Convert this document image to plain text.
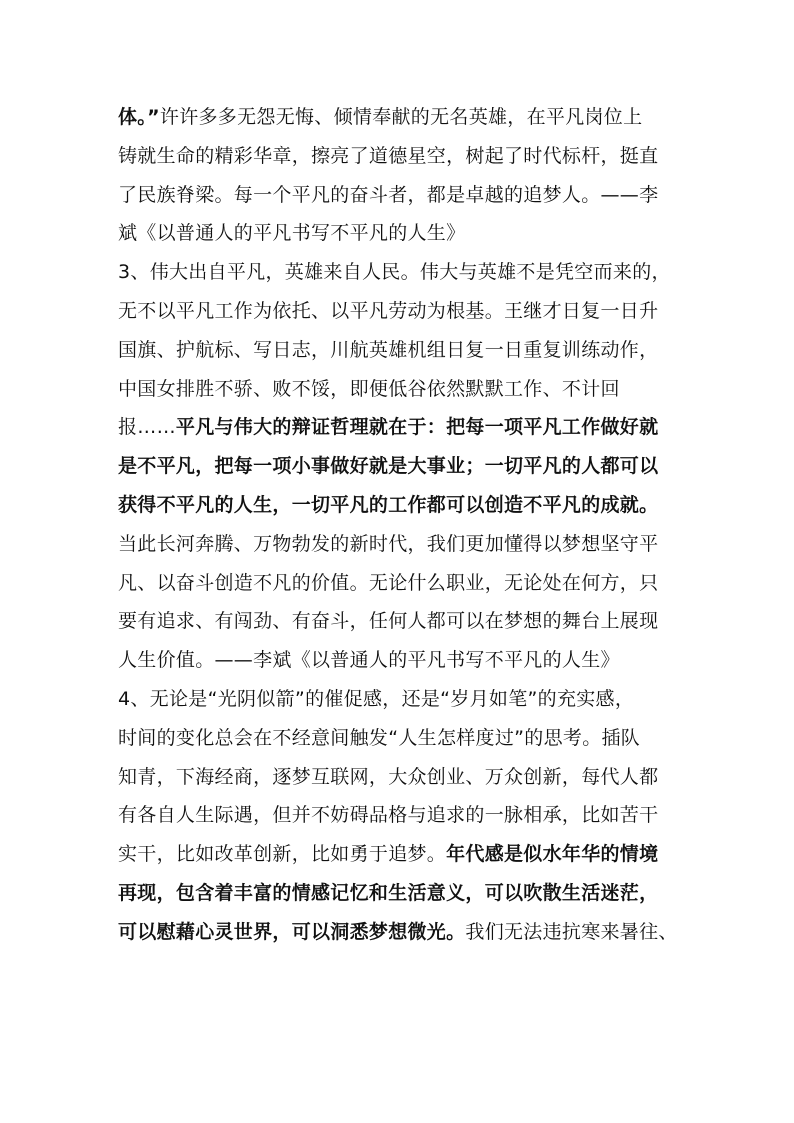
体。”许许多多无怨无悔、倾情奉献的无名英雄，在平凡岗位上
铸就生命的精彩华章，擦亮了道德星空，树起了时代标杆，挺直
了民族脊梁。每一个平凡的奋斗者，都是卓越的追梦人。——李
斌《以普通人的平凡书写不平凡的人生》
3、伟大出自平凡，英雄来自人民。伟大与英雄不是凭空而来的，
无不以平凡工作为依托、以平凡劳动为根基。王继才日复一日升
国旗、护航标、写日志，川航英雄机组日复一日重复训练动作，
中国女排胜不骄、败不馁，即便低谷依然默默工作、不计回
报……平凡与伟大的辩证哲理就在于：把每一项平凡工作做好就
是不平凡，把每一项小事做好就是大事业；一切平凡的人都可以
获得不平凡的人生，一切平凡的工作都可以创造不平凡的成就。
当此长河奔腾、万物勃发的新时代，我们更加懂得以梦想坚守平
凡、以奋斗创造不凡的价值。无论什么职业，无论处在何方，只
要有追求、有闯劲、有奋斗，任何人都可以在梦想的舞台上展现
人生价值。——李斌《以普通人的平凡书写不平凡的人生》
4、无论是“光阴似箭”的催促感，还是“岁月如笔”的充实感，
时间的变化总会在不经意间触发“人生怎样度过”的思考。插队
知青，下海经商，逐梦互联网，大众创业、万众创新，每代人都
有各自人生际遇，但并不妨碍品格与追求的一脉相承，比如苦干
实干，比如改革创新，比如勇于追梦。年代感是似水年华的情境
再现，包含着丰富的情感记忆和生活意义，可以吹散生活迷茫，
可以慰藉心灵世界，可以洞悉梦想微光。我们无法违抗寒来暑往、
